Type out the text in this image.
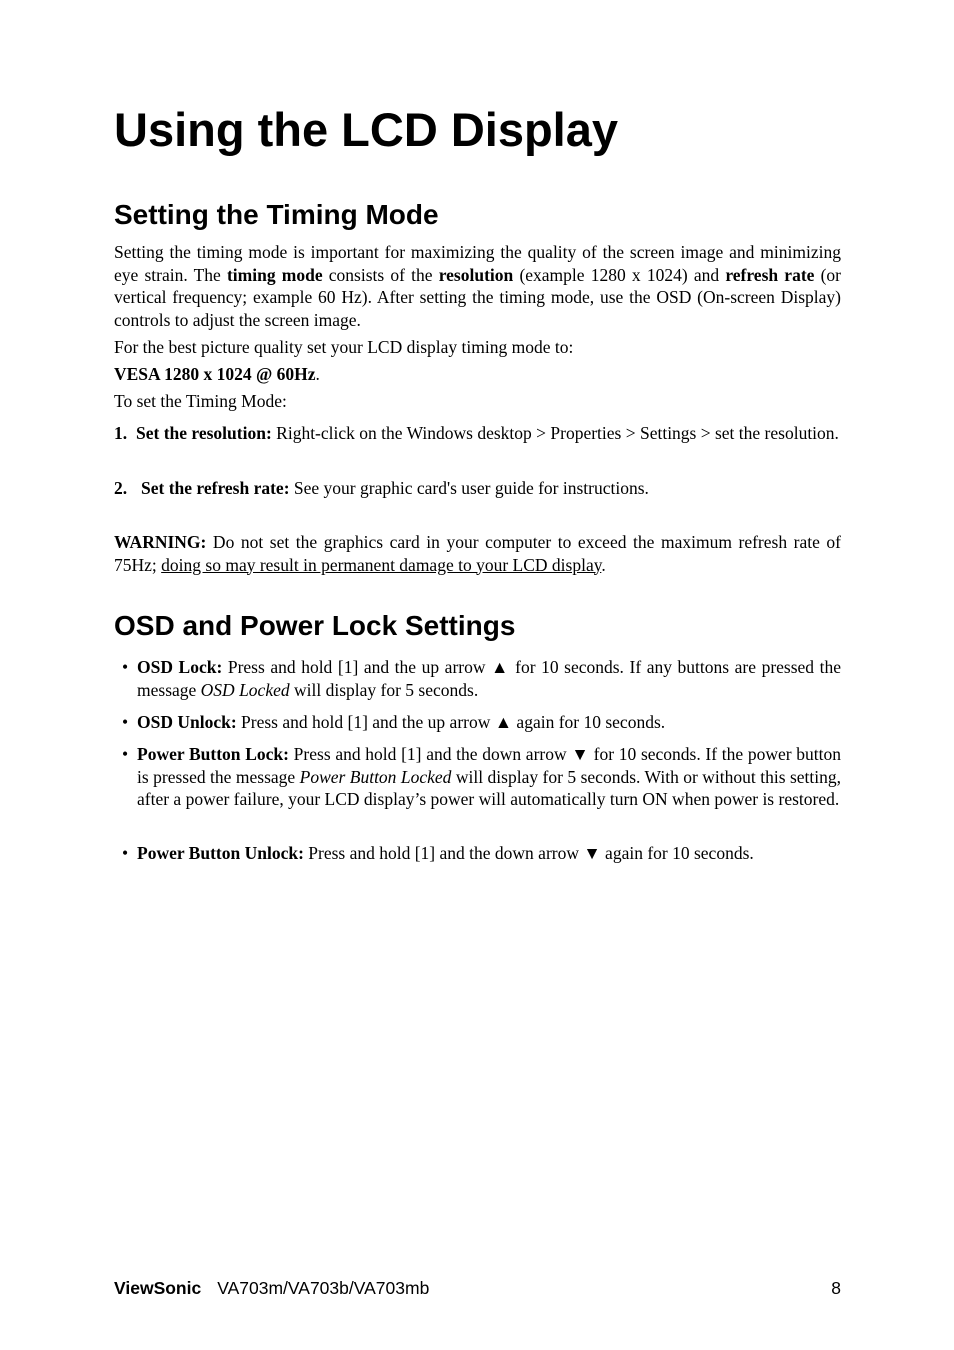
Using the LCD Display
Setting the Timing Mode

Setting the timing mode is important for maximizing the quality of the screen image and minimizing eye strain. The timing mode consists of the resolution (example 1280 x 1024) and refresh rate (or vertical frequency; example 60 Hz). After setting the timing mode, use the OSD (On-screen Display) controls to adjust the screen image.

For the best picture quality set your LCD display timing mode to:

VESA 1280 x 1024 @ 60Hz.

To set the Timing Mode:

1. Set the resolution: Right-click on the Windows desktop > Properties > Settings > set the resolution.
2. Set the refresh rate: See your graphic card's user guide for instructions.

WARNING: Do not set the graphics card in your computer to exceed the maximum refresh rate of 75Hz; doing so may result in permanent damage to your LCD display.

OSD and Power Lock Settings
• OSD Lock: Press and hold [1] and the up arrow ▲ for 10 seconds. If any buttons are pressed the message OSD Locked will display for 5 seconds.
• OSD Unlock: Press and hold [1] and the up arrow ▲ again for 10 seconds.
• Power Button Lock: Press and hold [1] and the down arrow ▼ for 10 seconds. If the power button is pressed the message Power Button Locked will display for 5 seconds. With or without this setting, after a power failure, your LCD display’s power will automatically turn ON when power is restored.
• Power Button Unlock: Press and hold [1] and the down arrow ▼ again for 10 seconds.
ViewSonic VA703m/VA703b/VA703mb	8
